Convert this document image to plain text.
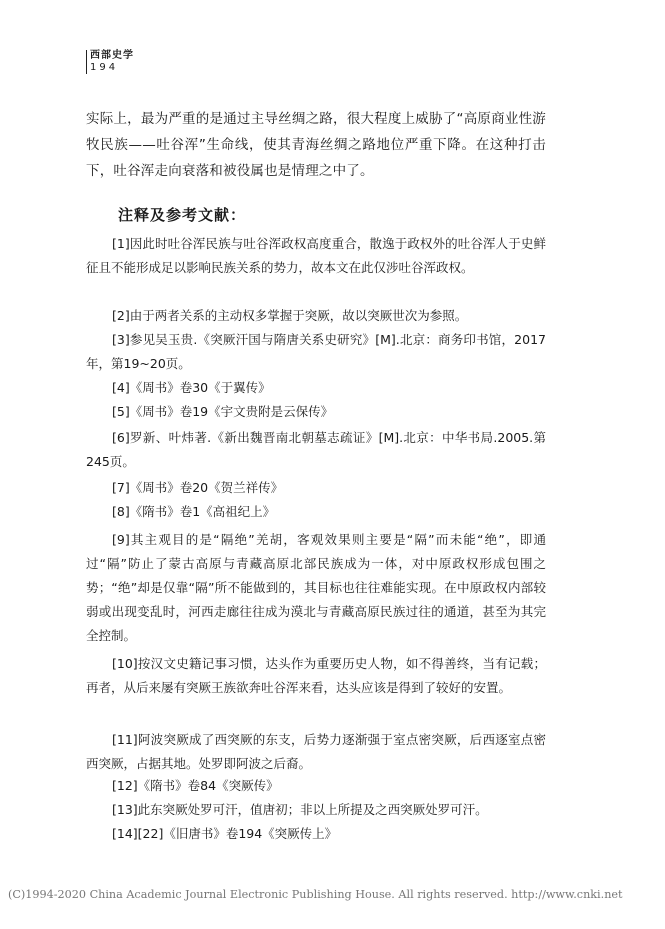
西部史学
194

实际上，最为严重的是通过主导丝绸之路，很大程度上威胁了“高原商业性游牧民族——吐谷浑”生命线，使其青海丝绸之路地位严重下降。在这种打击下，吐谷浑走向衰落和被役属也是情理之中了。

注释及参考文献：

[1]因此时吐谷浑民族与吐谷浑政权高度重合，散逸于政权外的吐谷浑人于史鲜征且不能形成足以影响民族关系的势力，故本文在此仅涉吐谷浑政权。

[2]由于两者关系的主动权多掌握于突厥，故以突厥世次为参照。

[3]参见吴玉贵.《突厥汗国与隋唐关系史研究》[M].北京：商务印书馆，2017年，第19~20页。

[4]《周书》卷30《于翼传》

[5]《周书》卷19《宇文贵附是云保传》

[6]罗新、叶炜著.《新出魏晋南北朝墓志疏证》[M].北京：中华书局.2005.第245页。

[7]《周书》卷20《贺兰祥传》

[8]《隋书》卷1《高祖纪上》

[9]其主观目的是“隔绝”羌胡，客观效果则主要是“隔”而未能“绝”，即通过“隔”防止了蒙古高原与青藏高原北部民族成为一体，对中原政权形成包围之势；“绝”却是仅靠“隔”所不能做到的，其目标也往往难能实现。在中原政权内部较弱或出现变乱时，河西走廊往往成为漠北与青藏高原民族过往的通道，甚至为其完全控制。

[10]按汉文史籍记事习惯，达头作为重要历史人物，如不得善终，当有记载；再者，从后来屡有突厥王族欲奔吐谷浑来看，达头应该是得到了较好的安置。

[11]阿波突厥成了西突厥的东支，后势力逐渐强于室点密突厥，后西逐室点密西突厥，占据其地。处罗即阿波之后裔。

[12]《隋书》卷84《突厥传》

[13]此东突厥处罗可汗，值唐初；非以上所提及之西突厥处罗可汗。

[14][22]《旧唐书》卷194《突厥传上》

(C)1994-2020 China Academic Journal Electronic Publishing House. All rights reserved. http://www.cnki.net
